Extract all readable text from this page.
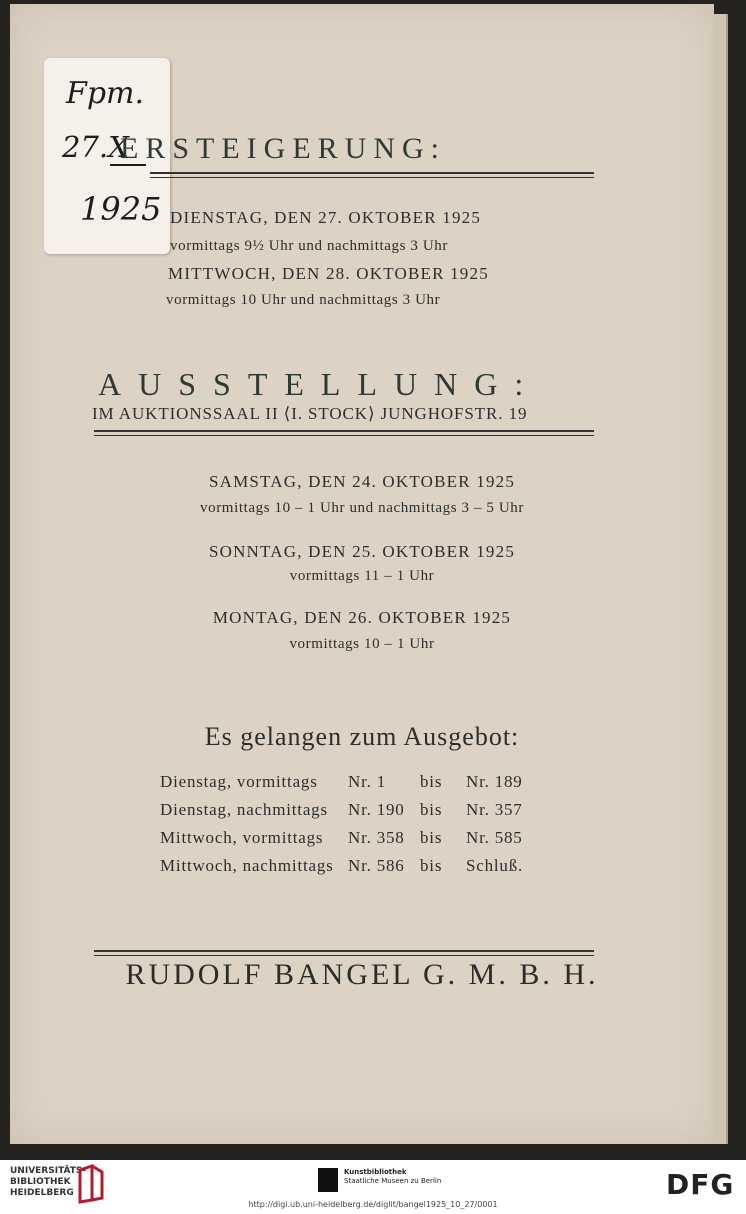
Fpm.
27.X
1925
ERSTEIGERUNG:
DIENSTAG, DEN 27. OKTOBER 1925
vormittags 9½ Uhr und nachmittags 3 Uhr
MITTWOCH, DEN 28. OKTOBER 1925
vormittags 10 Uhr und nachmittags 3 Uhr
AUSSTELLUNG:
IM AUKTIONSSAAL II ⟨I. STOCK⟩ JUNGHOFSTR. 19
SAMSTAG, DEN 24. OKTOBER 1925
vormittags 10 – 1 Uhr und nachmittags 3 – 5 Uhr
SONNTAG, DEN 25. OKTOBER 1925
vormittags 11 – 1 Uhr
MONTAG, DEN 26. OKTOBER 1925
vormittags 10 – 1 Uhr
Es gelangen zum Ausgebot:
Dienstag, vormittags Nr. 1 bis Nr. 189
Dienstag, nachmittags Nr. 190 bis Nr. 357
Mittwoch, vormittags Nr. 358 bis Nr. 585
Mittwoch, nachmittags Nr. 586 bis Schluß.
RUDOLF BANGEL G. M. B. H.
UNIVERSITÄTS-
BIBLIOTHEK
HEIDELBERG
Kunstbibliothek
Staatliche Museen zu Berlin
http://digi.ub.uni-heidelberg.de/diglit/bangel1925_10_27/0001
DFG
